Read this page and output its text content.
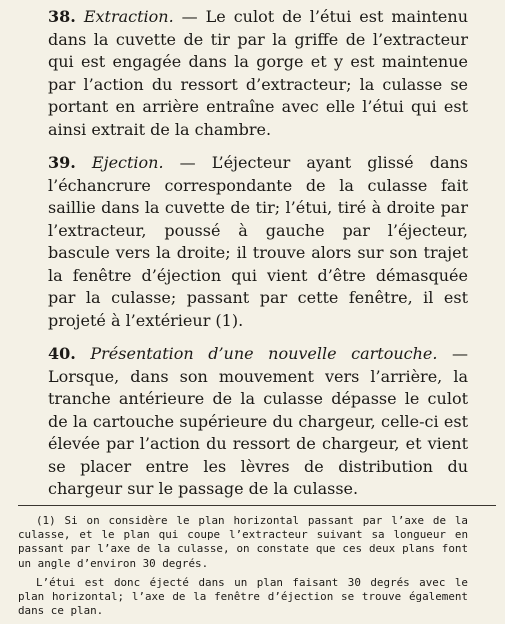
38. Extraction. — Le culot de l’étui est maintenu dans la cuvette de tir par la griffe de l’extracteur qui est engagée dans la gorge et y est maintenue par l’action du ressort d’extracteur; la culasse se portant en arrière entraîne avec elle l’étui qui est ainsi extrait de la chambre.

39. Ejection. — L’éjecteur ayant glissé dans l’échancrure correspondante de la culasse fait saillie dans la cuvette de tir; l’étui, tiré à droite par l’extracteur, poussé à gauche par l’éjecteur, bascule vers la droite; il trouve alors sur son trajet la fenêtre d’éjection qui vient d’être démasquée par la culasse; passant par cette fenêtre, il est projeté à l’extérieur (1).

40. Présentation d’une nouvelle cartouche. — Lorsque, dans son mouvement vers l’arrière, la tranche antérieure de la culasse dépasse le culot de la cartouche supérieure du chargeur, celle-ci est élevée par l’action du ressort de chargeur, et vient se placer entre les lèvres de distribution du chargeur sur le passage de la culasse.

(1) Si on considère le plan horizontal passant par l’axe de la culasse, et le plan qui coupe l’extracteur suivant sa longueur en passant par l’axe de la culasse, on constate que ces deux plans font un angle d’environ 30 degrés.

L’étui est donc éjecté dans un plan faisant 30 degrés avec le plan horizontal; l’axe de la fenêtre d’éjection se trouve également dans ce plan.
